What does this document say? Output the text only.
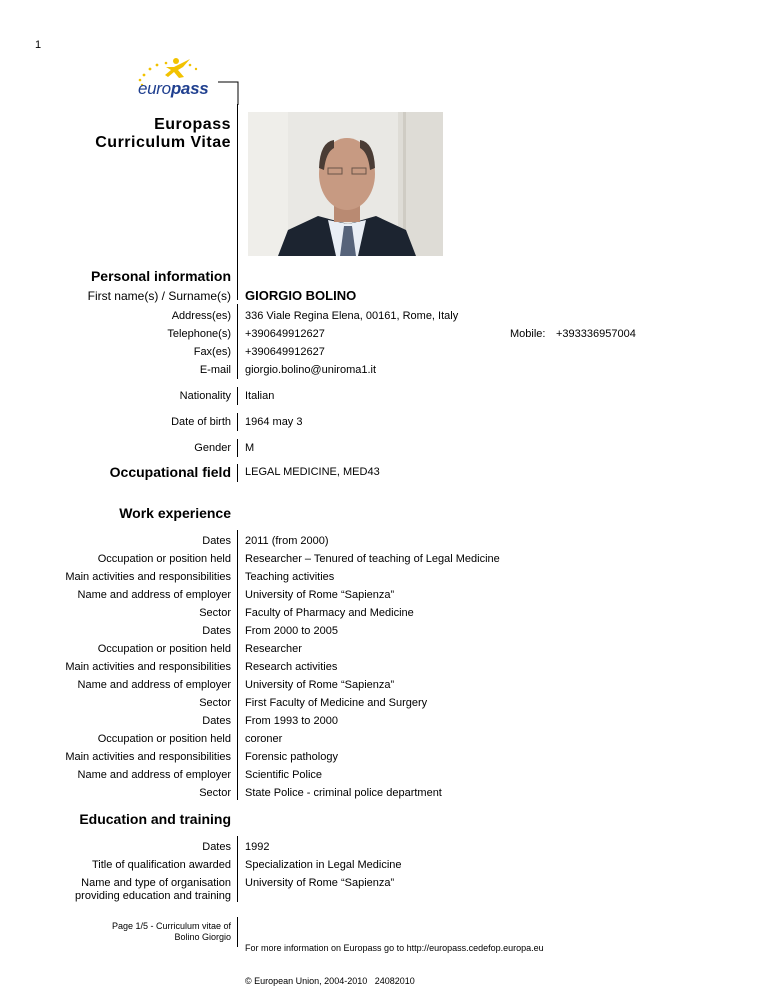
1
europass
Europass
Curriculum Vitae
Personal information
First name(s) / Surname(s) GIORGIO BOLINO
Address(es) 336 Viale Regina Elena, 00161, Rome, Italy
Telephone(s) +390649912627	Mobile: +393336957004
Fax(es) +390649912627
E-mail giorgio.bolino@uniroma1.it
Nationality Italian
Date of birth 1964 may 3
Gender M
Occupational field LEGAL MEDICINE, MED43
Work experience
Dates 2011 (from 2000)
Occupation or position held Researcher – Tenured of teaching of Legal Medicine
Main activities and responsibilities Teaching activities
Name and address of employer University of Rome “Sapienza”
Sector Faculty of Pharmacy and Medicine
Dates From 2000 to 2005
Occupation or position held Researcher
Main activities and responsibilities Research activities
Name and address of employer University of Rome “Sapienza”
Sector First Faculty of Medicine and Surgery
Dates From 1993 to 2000
Occupation or position held coroner
Main activities and responsibilities Forensic pathology
Name and address of employer Scientific Police
Sector State Police - criminal police department
Education and training
Dates 1992
Title of qualification awarded Specialization in Legal Medicine
Name and type of organisation
providing education and training
University of Rome “Sapienza”
Page 1/5 - Curriculum vitae of
Bolino Giorgio

For more information on Europass go to http://europass.cedefop.europa.eu

© European Union, 2004-2010   24082010
